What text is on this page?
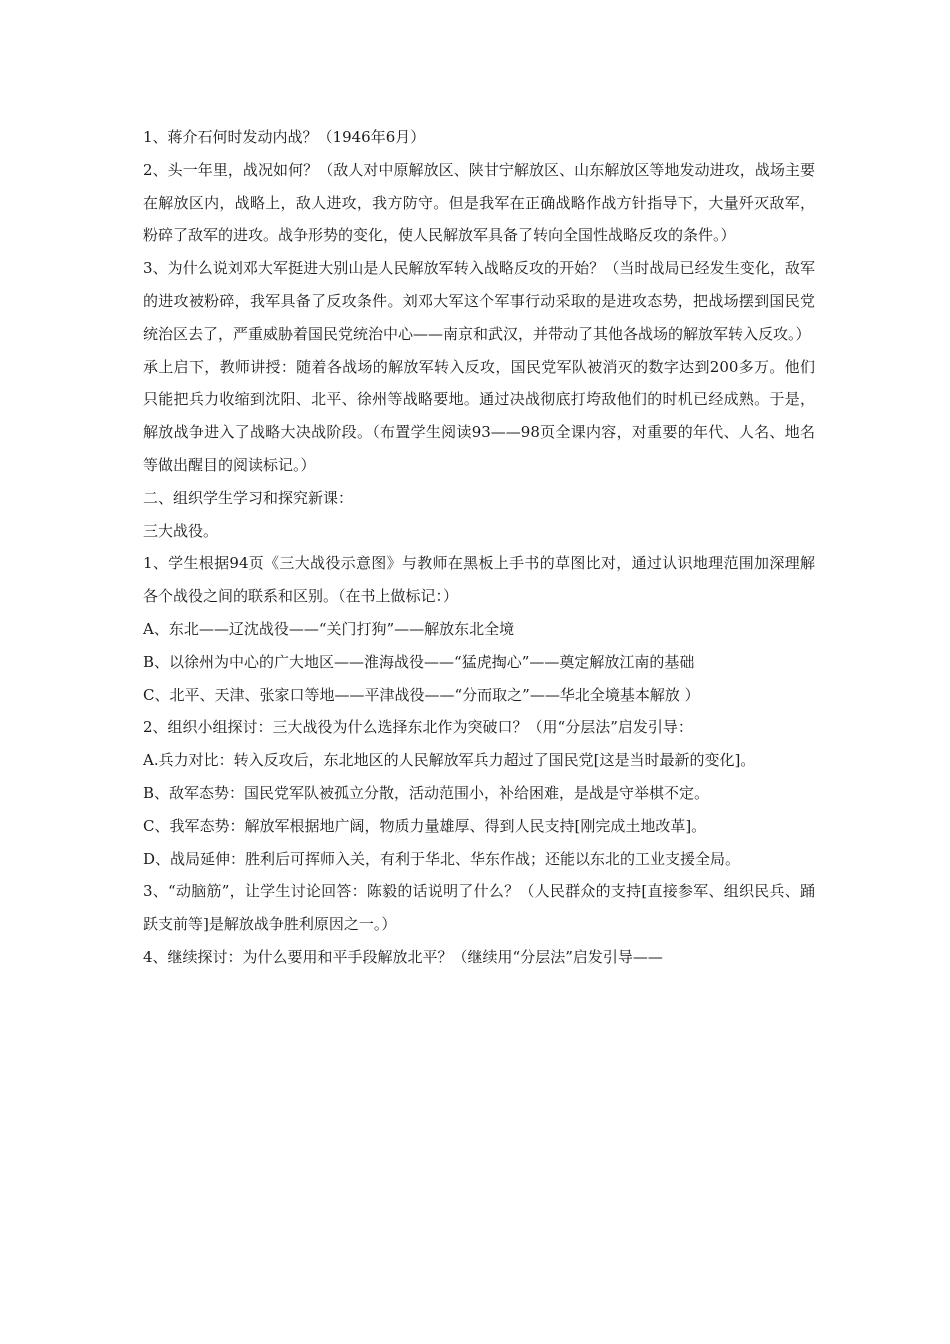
1、蒋介石何时发动内战？（1946年6月）

2、头一年里，战况如何？（敌人对中原解放区、陕甘宁解放区、山东解放区等地发动进攻，战场主要在解放区内，战略上，敌人进攻，我方防守。但是我军在正确战略作战方针指导下，大量歼灭敌军，粉碎了敌军的进攻。战争形势的变化，使人民解放军具备了转向全国性战略反攻的条件。）

3、为什么说刘邓大军挺进大别山是人民解放军转入战略反攻的开始？（当时战局已经发生变化，敌军的进攻被粉碎，我军具备了反攻条件。刘邓大军这个军事行动采取的是进攻态势，把战场摆到国民党统治区去了，严重威胁着国民党统治中心——南京和武汉，并带动了其他各战场的解放军转入反攻。）

承上启下，教师讲授：随着各战场的解放军转入反攻，国民党军队被消灭的数字达到200多万。他们只能把兵力收缩到沈阳、北平、徐州等战略要地。通过决战彻底打垮敌他们的时机已经成熟。于是，解放战争进入了战略大决战阶段。（布置学生阅读93——98页全课内容，对重要的年代、人名、地名等做出醒目的阅读标记。）

二、组织学生学习和探究新课：

三大战役。

1、学生根据94页《三大战役示意图》与教师在黑板上手书的草图比对，通过认识地理范围加深理解各个战役之间的联系和区别。（在书上做标记：）

A、东北——辽沈战役——“关门打狗”——解放东北全境

B、以徐州为中心的广大地区——淮海战役——“猛虎掏心”——奠定解放江南的基础

C、北平、天津、张家口等地——平津战役——“分而取之”——华北全境基本解放 ）

2、组织小组探讨：三大战役为什么选择东北作为突破口？（用“分层法”启发引导：

A.兵力对比：转入反攻后，东北地区的人民解放军兵力超过了国民党[这是当时最新的变化]。

B、敌军态势：国民党军队被孤立分散，活动范围小，补给困难，是战是守举棋不定。

C、我军态势：解放军根据地广阔，物质力量雄厚、得到人民支持[刚完成土地改革]。

D、战局延伸：胜利后可挥师入关，有利于华北、华东作战；还能以东北的工业支援全局。

3、“动脑筋”，让学生讨论回答：陈毅的话说明了什么？（人民群众的支持[直接参军、组织民兵、踊跃支前等]是解放战争胜利原因之一。）

4、继续探讨：为什么要用和平手段解放北平？（继续用“分层法”启发引导——
